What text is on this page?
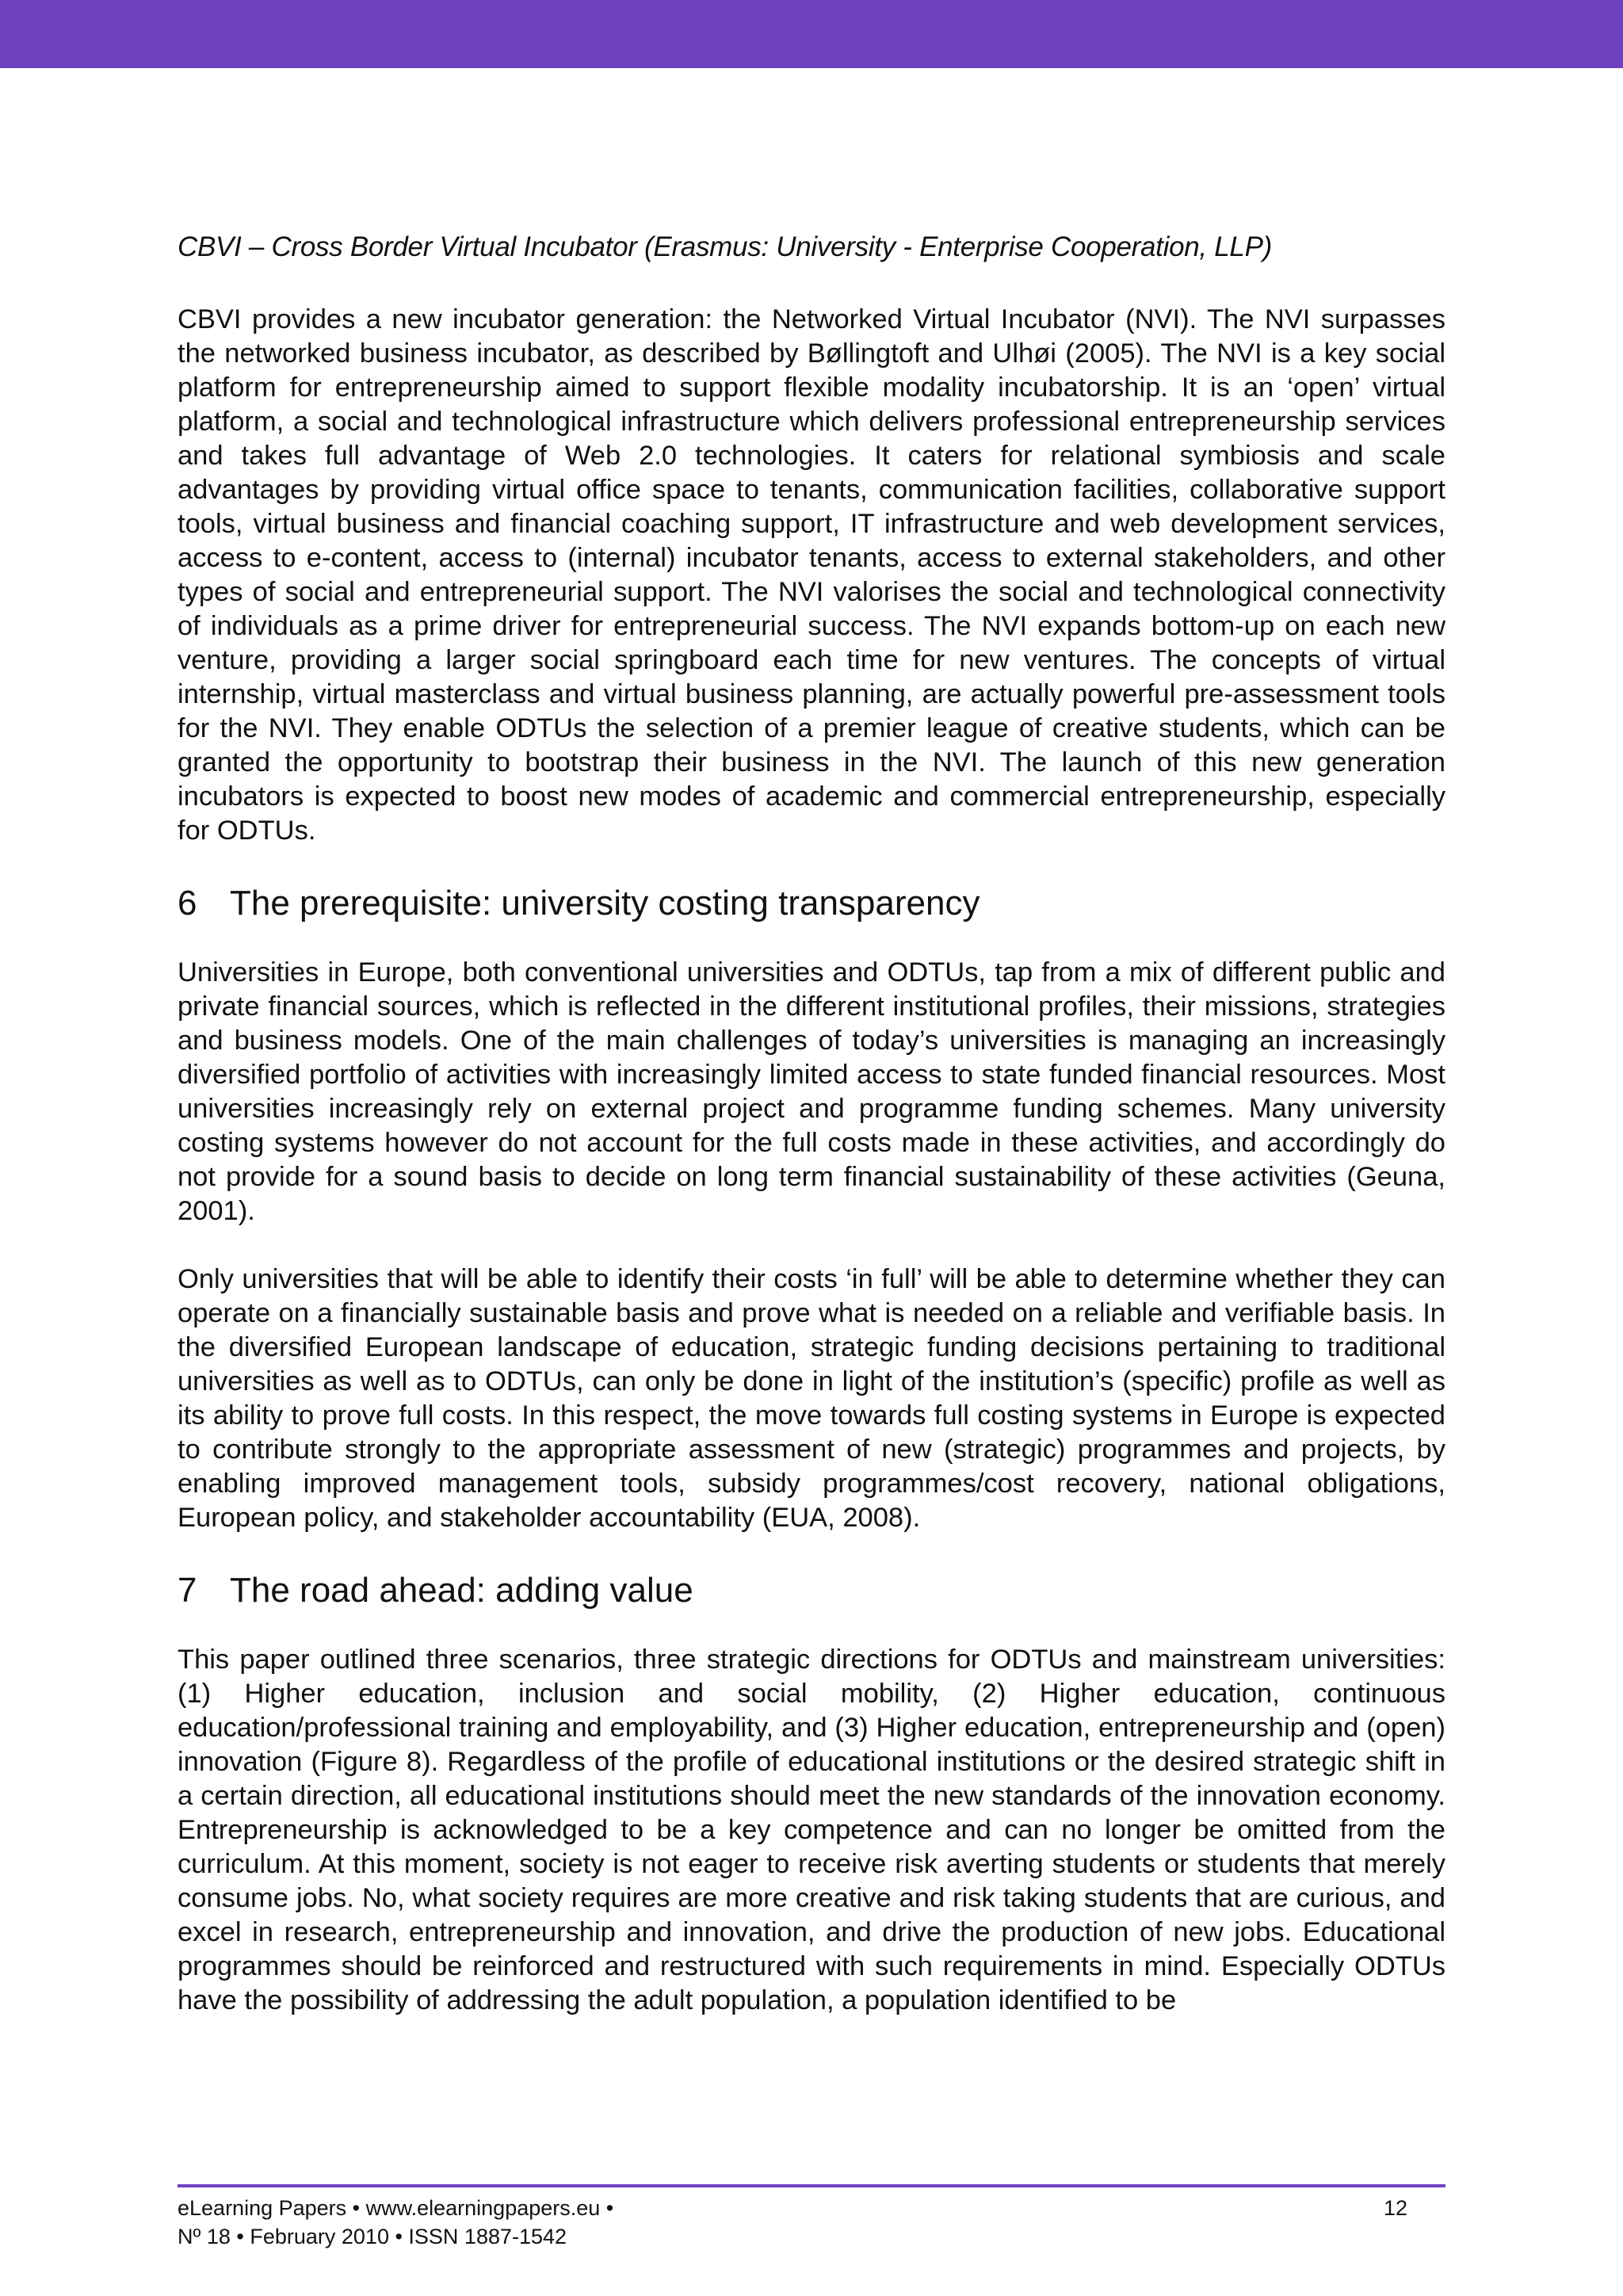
CBVI – Cross Border Virtual Incubator (Erasmus: University - Enterprise Cooperation, LLP)

CBVI provides a new incubator generation: the Networked Virtual Incubator (NVI). The NVI surpasses the networked business incubator, as described by Bøllingtoft and Ulhøi (2005). The NVI is a key social platform for entrepreneurship aimed to support flexible modality incubatorship. It is an ‘open’ virtual platform, a social and technological infrastructure which delivers professional entrepreneurship services and takes full advantage of Web 2.0 technologies. It caters for relational symbiosis and scale advantages by providing virtual office space to tenants, communication facilities, collaborative support tools, virtual business and financial coaching support, IT infrastructure and web development services, access to e-content, access to (internal) incubator tenants, access to external stakeholders, and other types of social and entrepreneurial support. The NVI valorises the social and technological connectivity of individuals as a prime driver for entrepreneurial success. The NVI expands bottom-up on each new venture, providing a larger social springboard each time for new ventures. The concepts of virtual internship, virtual masterclass and virtual business planning, are actually powerful pre-assessment tools for the NVI. They enable ODTUs the selection of a premier league of creative students, which can be granted the opportunity to bootstrap their business in the NVI. The launch of this new generation incubators is expected to boost new modes of academic and commercial entrepreneurship, especially for ODTUs.

6 The prerequisite: university costing transparency

Universities in Europe, both conventional universities and ODTUs, tap from a mix of different public and private financial sources, which is reflected in the different institutional profiles, their missions, strategies and business models. One of the main challenges of today’s universities is managing an increasingly diversified portfolio of activities with increasingly limited access to state funded financial resources. Most universities increasingly rely on external project and programme funding schemes. Many university costing systems however do not account for the full costs made in these activities, and accordingly do not provide for a sound basis to decide on long term financial sustainability of these activities (Geuna, 2001).

Only universities that will be able to identify their costs ‘in full’ will be able to determine whether they can operate on a financially sustainable basis and prove what is needed on a reliable and verifiable basis. In the diversified European landscape of education, strategic funding decisions pertaining to traditional universities as well as to ODTUs, can only be done in light of the institution’s (specific) profile as well as its ability to prove full costs. In this respect, the move towards full costing systems in Europe is expected to contribute strongly to the appropriate assessment of new (strategic) programmes and projects, by enabling improved management tools, subsidy programmes/cost recovery, national obligations, European policy, and stakeholder accountability (EUA, 2008).

7 The road ahead: adding value

This paper outlined three scenarios, three strategic directions for ODTUs and mainstream universities: (1) Higher education, inclusion and social mobility, (2) Higher education, continuous education/professional training and employability, and (3) Higher education, entrepreneurship and (open) innovation (Figure 8). Regardless of the profile of educational institutions or the desired strategic shift in a certain direction, all educational institutions should meet the new standards of the innovation economy. Entrepreneurship is acknowledged to be a key competence and can no longer be omitted from the curriculum. At this moment, society is not eager to receive risk averting students or students that merely consume jobs. No, what society requires are more creative and risk taking students that are curious, and excel in research, entrepreneurship and innovation, and drive the production of new jobs. Educational programmes should be reinforced and restructured with such requirements in mind. Especially ODTUs have the possibility of addressing the adult population, a population identified to be

eLearning Papers • www.elearningpapers.eu •
Nº 18 • February 2010 • ISSN 1887-1542
12
